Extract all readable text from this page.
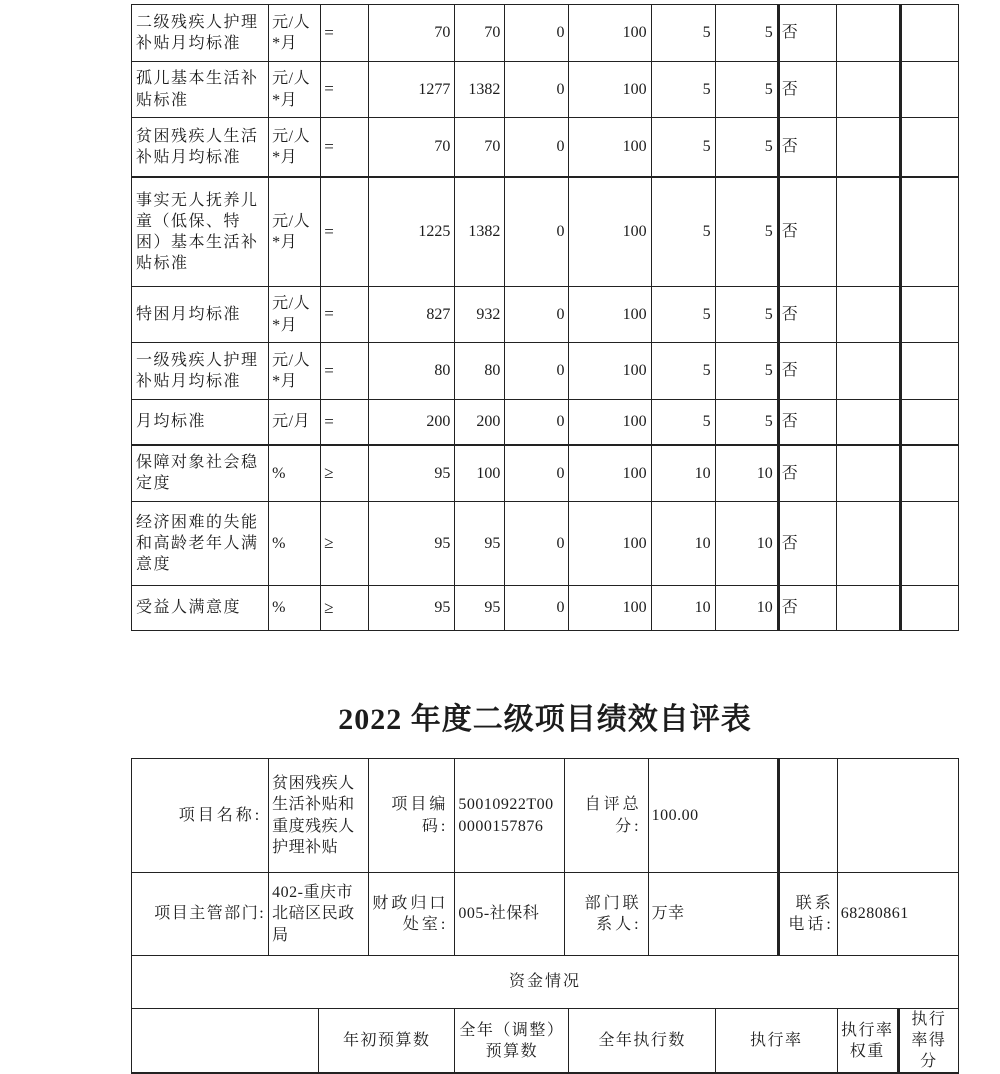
二级残疾人护理补贴月均标准	元/人*月	=	70	70	0	100	5	5	否		
孤儿基本生活补贴标准	元/人*月	=	1277	1382	0	100	5	5	否		
贫困残疾人生活补贴月均标准	元/人*月	=	70	70	0	100	5	5	否		
事实无人抚养儿童（低保、特困）基本生活补贴标准	元/人*月	=	1225	1382	0	100	5	5	否		
特困月均标准	元/人*月	=	827	932	0	100	5	5	否		
一级残疾人护理补贴月均标准	元/人*月	=	80	80	0	100	5	5	否		
月均标准	元/月	=	200	200	0	100	5	5	否		
保障对象社会稳定度	%	≥	95	100	0	100	10	10	否		
经济困难的失能和高龄老年人满意度	%	≥	95	95	0	100	10	10	否		
受益人满意度	%	≥	95	95	0	100	10	10	否		
2022 年度二级项目绩效自评表
项目名称:	贫困残疾人生活补贴和重度残疾人护理补贴		项目编码:	50010922T000000157876	自评总分:		100.00				
项目主管部门:	402-重庆市北碚区民政局		财政归口处室:	005-社保科	部门联系人:		万幸		联系电话:	68280861	
资金情况											
		年初预算数		全年（调整）预算数		全年执行数		执行率		执行率权重	执行率得分
